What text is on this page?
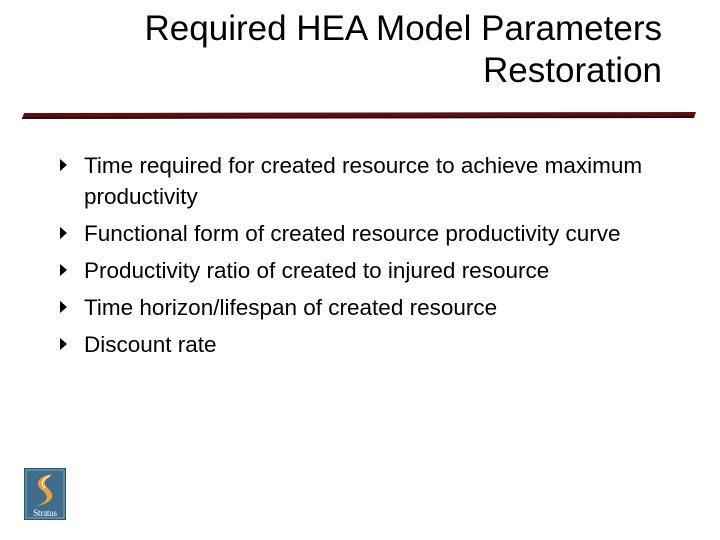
Required HEA Model Parameters
Restoration
Time required for created resource to achieve maximum productivity
Functional form of created resource productivity curve
Productivity ratio of created to injured resource
Time horizon/lifespan of created resource
Discount rate
Stratus
